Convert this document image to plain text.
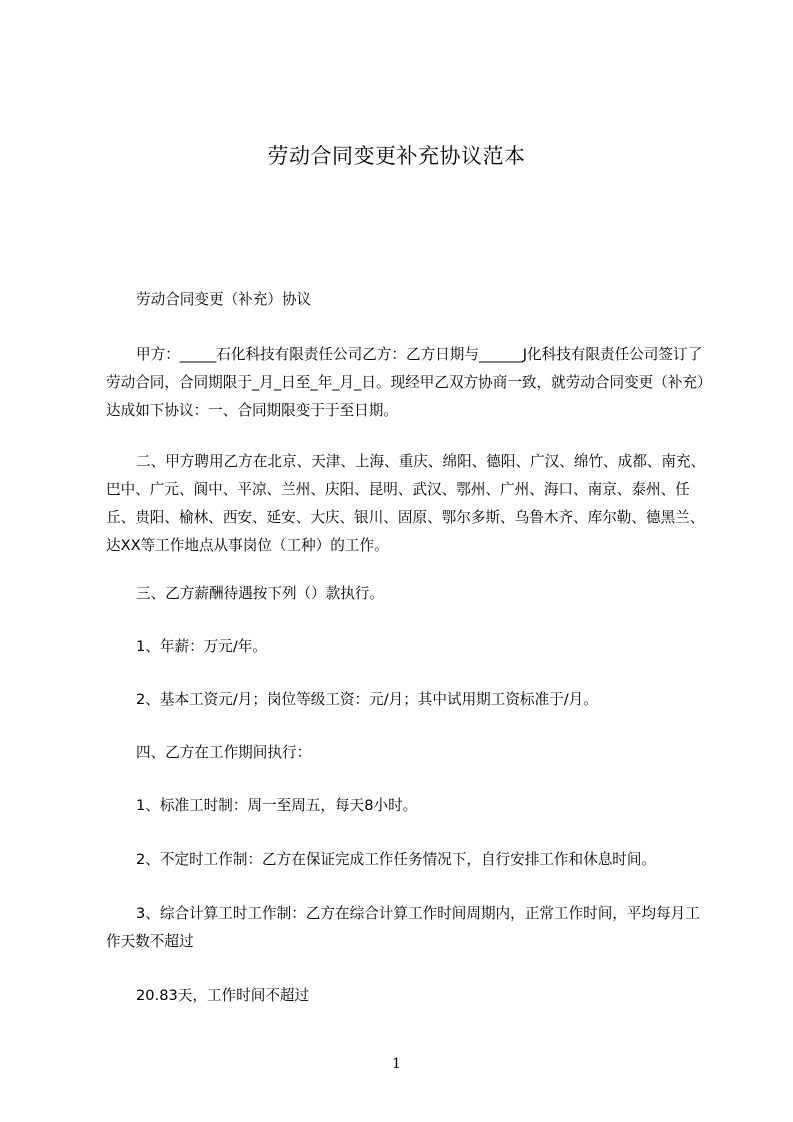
劳动合同变更补充协议范本

劳动合同变更（补充）协议

甲方：_____石化科技有限责任公司乙方：乙方日期与______J化科技有限责任公司签订了劳动合同，合同期限于_月_日至_年_月_日。现经甲乙双方协商一致，就劳动合同变更（补充）达成如下协议：一、合同期限变于于至日期。

二、甲方聘用乙方在北京、天津、上海、重庆、绵阳、德阳、广汉、绵竹、成都、南充、巴中、广元、阆中、平凉、兰州、庆阳、昆明、武汉、鄂州、广州、海口、南京、泰州、任丘、贵阳、榆林、西安、延安、大庆、银川、固原、鄂尔多斯、乌鲁木齐、库尔勒、德黑兰、达XX等工作地点从事岗位（工种）的工作。

三、乙方薪酬待遇按下列（）款执行。

1、年薪：万元/年。

2、基本工资元/月；岗位等级工资：元/月；其中试用期工资标准于/月。

四、乙方在工作期间执行：

1、标准工时制：周一至周五，每天8小时。

2、不定时工作制：乙方在保证完成工作任务情况下，自行安排工作和休息时间。

3、综合计算工时工作制：乙方在综合计算工作时间周期内，正常工作时间，平均每月工作天数不超过

20.83天，工作时间不超过

1
